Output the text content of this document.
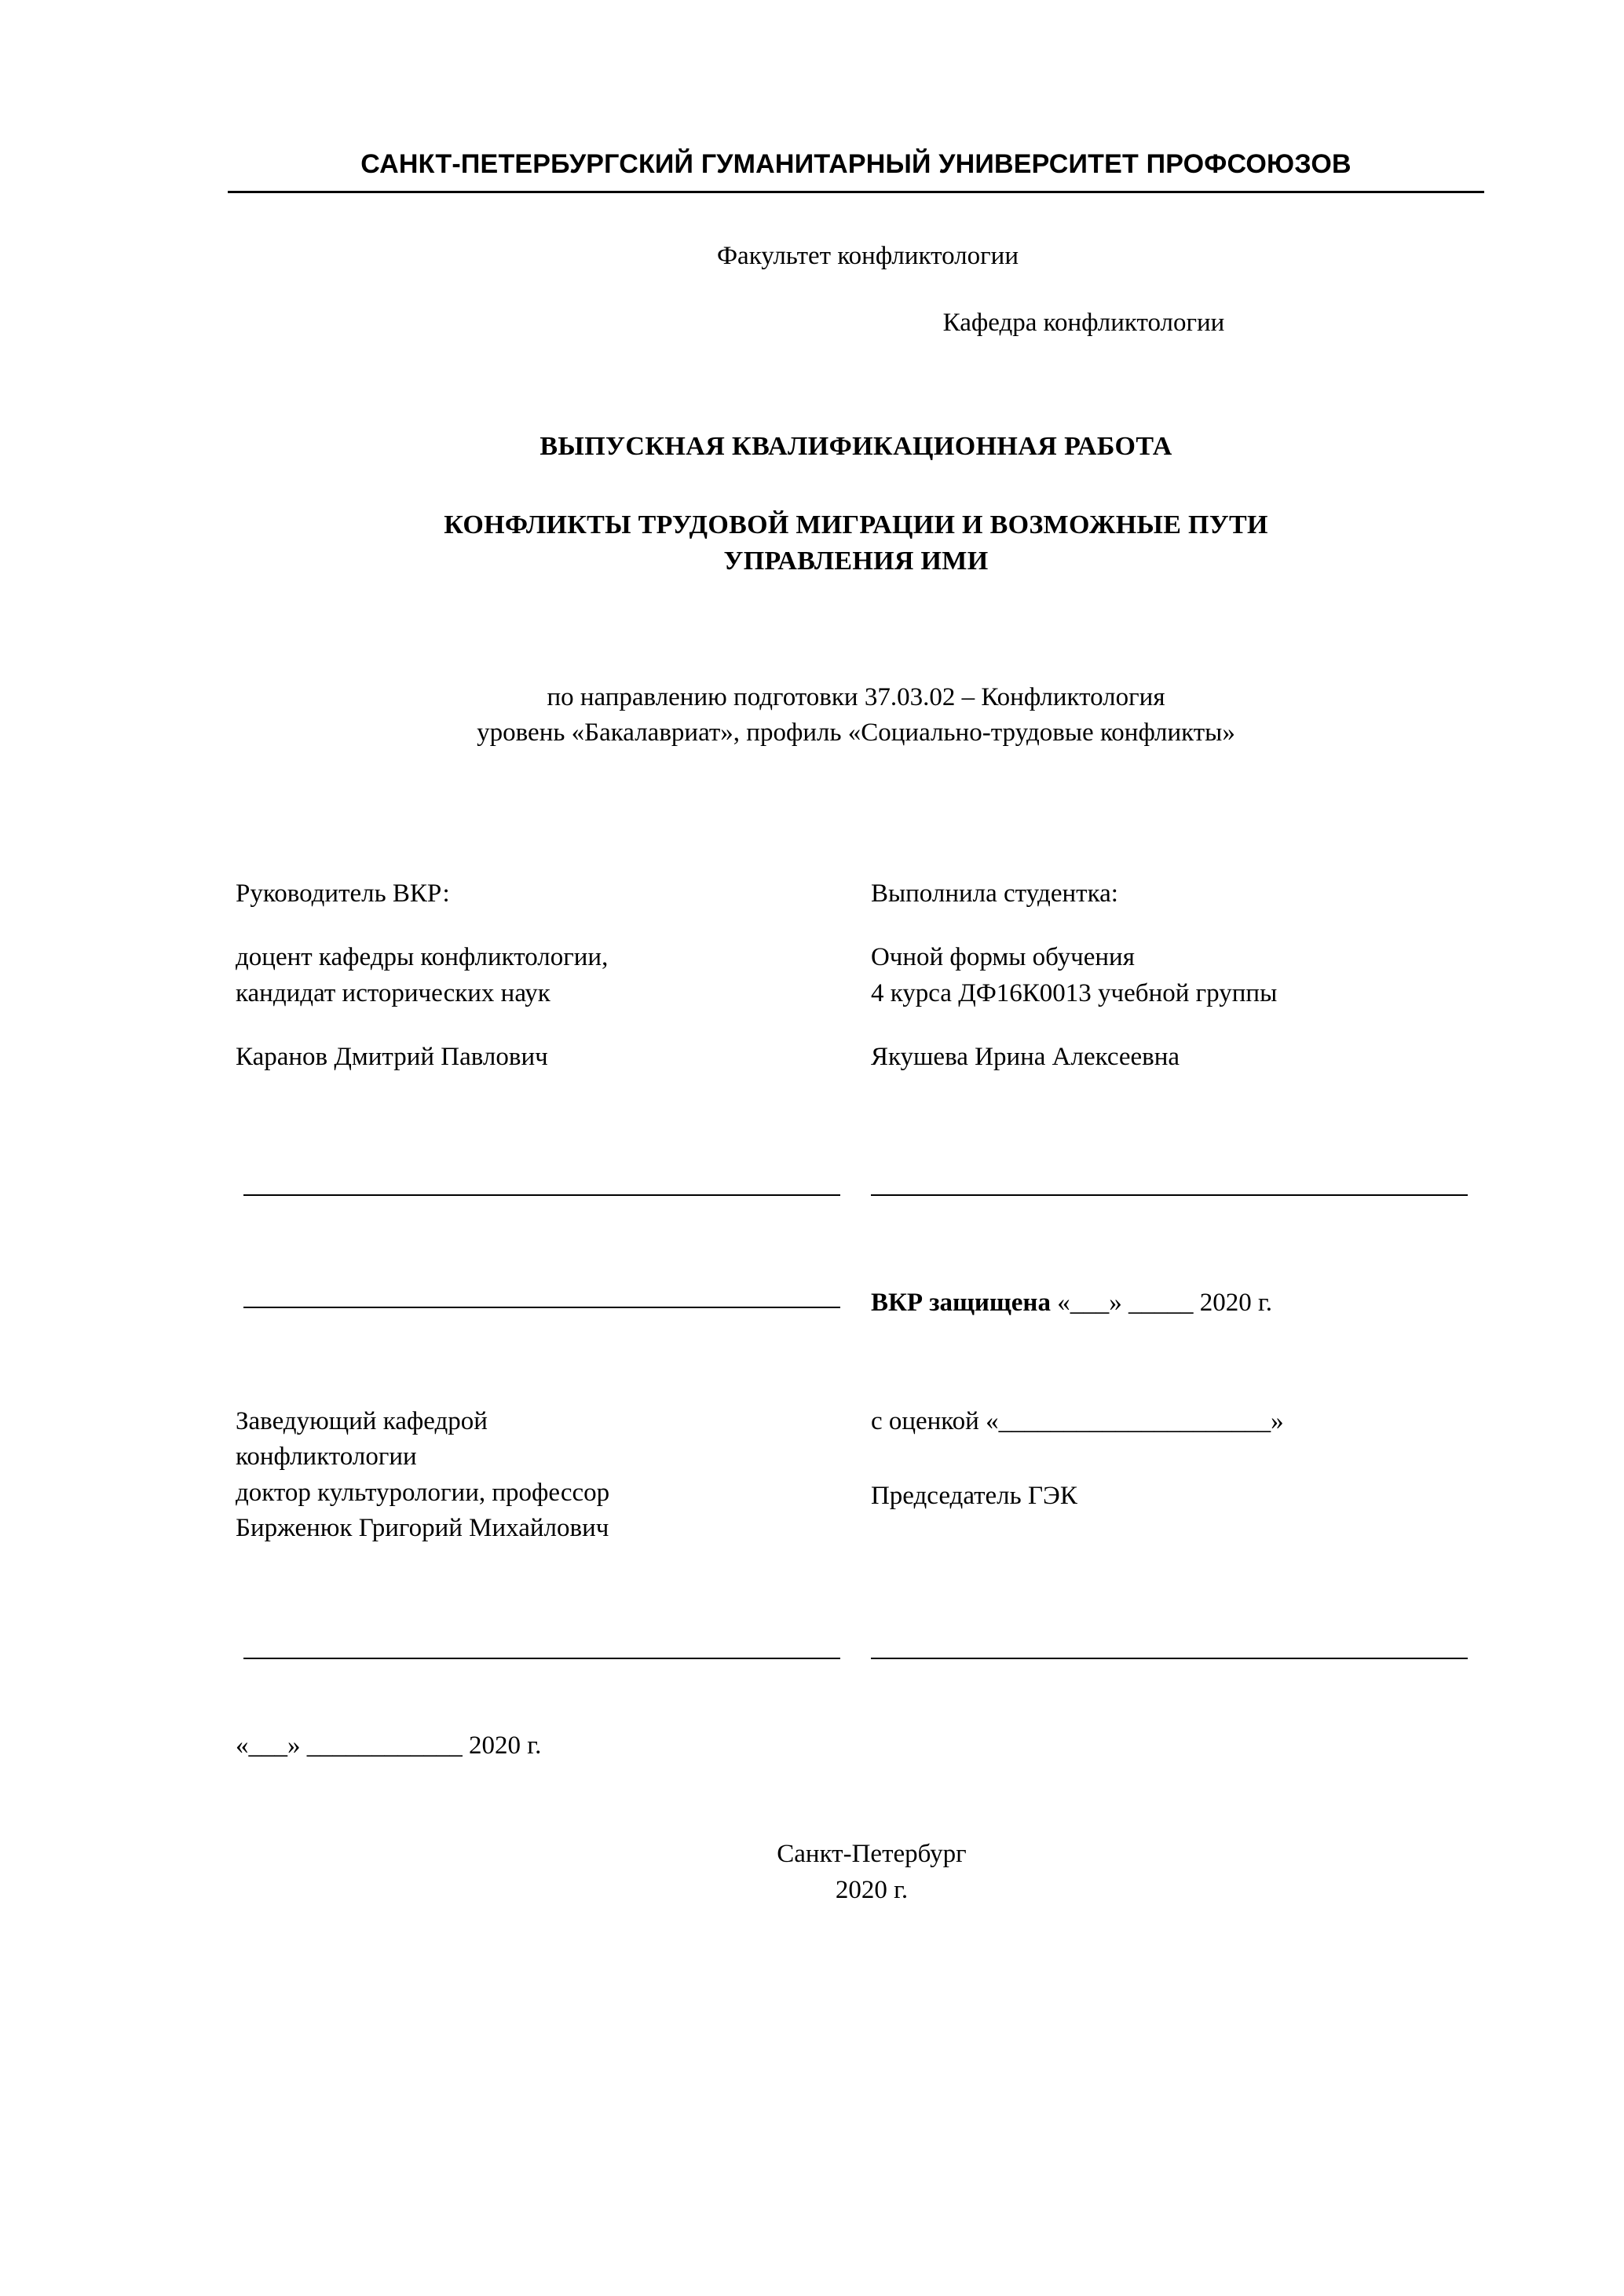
САНКТ-ПЕТЕРБУРГСКИЙ ГУМАНИТАРНЫЙ УНИВЕРСИТЕТ ПРОФСОЮЗОВ
Факультет конфликтологии
Кафедра конфликтологии
ВЫПУСКНАЯ КВАЛИФИКАЦИОННАЯ РАБОТА
КОНФЛИКТЫ ТРУДОВОЙ МИГРАЦИИ И ВОЗМОЖНЫЕ ПУТИ
УПРАВЛЕНИЯ ИМИ
по направлению подготовки 37.03.02 – Конфликтология
уровень «Бакалавриат», профиль «Социально-трудовые конфликты»
Руководитель ВКР:
доцент кафедры конфликтологии,
кандидат исторических наук
Каранов Дмитрий Павлович
Выполнила студентка:
Очной формы обучения
4 курса ДФ16К0013 учебной группы
Якушева Ирина Алексеевна
ВКР защищена «___» _____ 2020 г.
Заведующий кафедрой
конфликтологии
доктор культурологии, профессор
Бирженюк Григорий Михайлович
с оценкой «_____________________»
Председатель ГЭК
«___» ____________ 2020 г.
Санкт-Петербург
2020 г.
